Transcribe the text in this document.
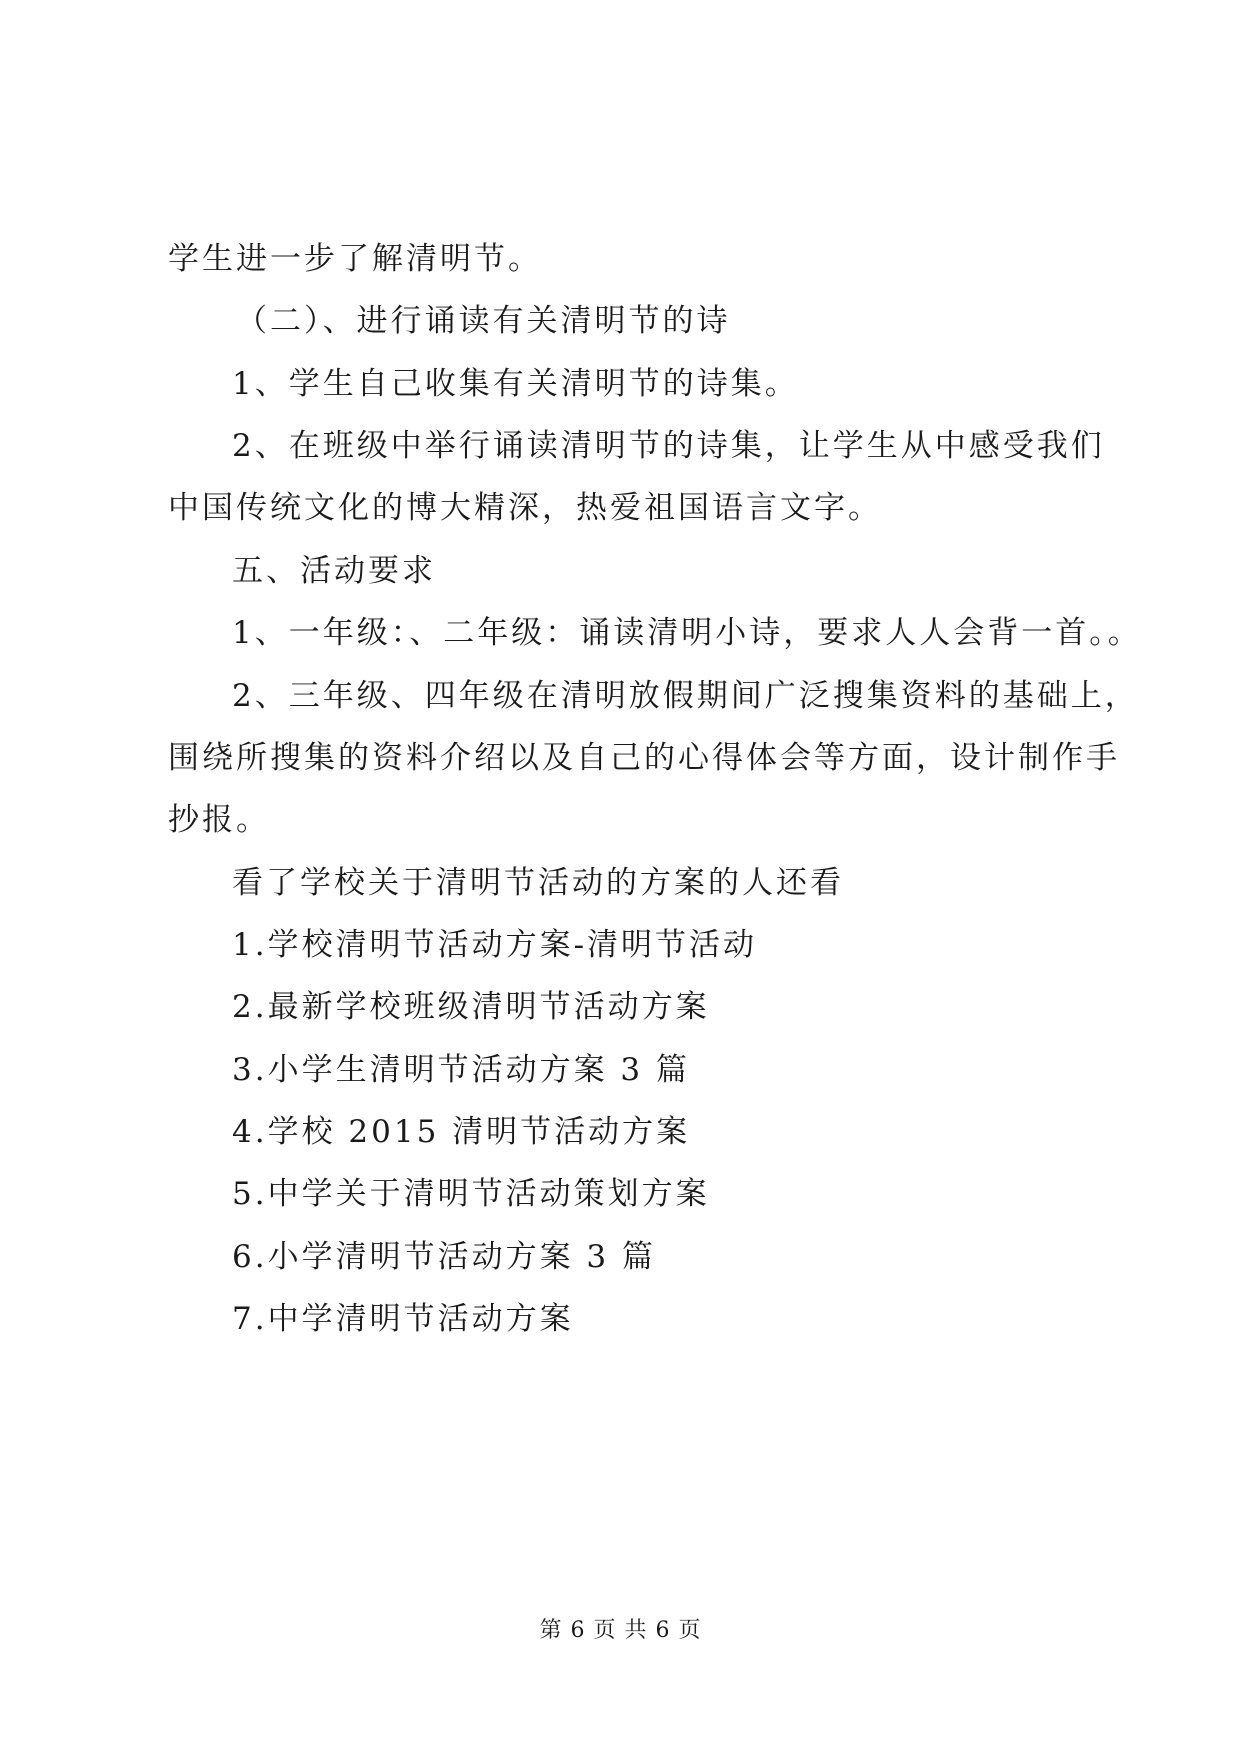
学生进一步了解清明节。
（二）、进行诵读有关清明节的诗
1、学生自己收集有关清明节的诗集。
2、在班级中举行诵读清明节的诗集，让学生从中感受我们
中国传统文化的博大精深，热爱祖国语言文字。
五、活动要求
1、一年级：、二年级：诵读清明小诗，要求人人会背一首。。
2、三年级、四年级在清明放假期间广泛搜集资料的基础上，
围绕所搜集的资料介绍以及自己的心得体会等方面，设计制作手
抄报。
看了学校关于清明节活动的方案的人还看
1.学校清明节活动方案-清明节活动
2.最新学校班级清明节活动方案
3.小学生清明节活动方案 3 篇
4.学校 2015 清明节活动方案
5.中学关于清明节活动策划方案
6.小学清明节活动方案 3 篇
7.中学清明节活动方案
第 6 页 共 6 页
